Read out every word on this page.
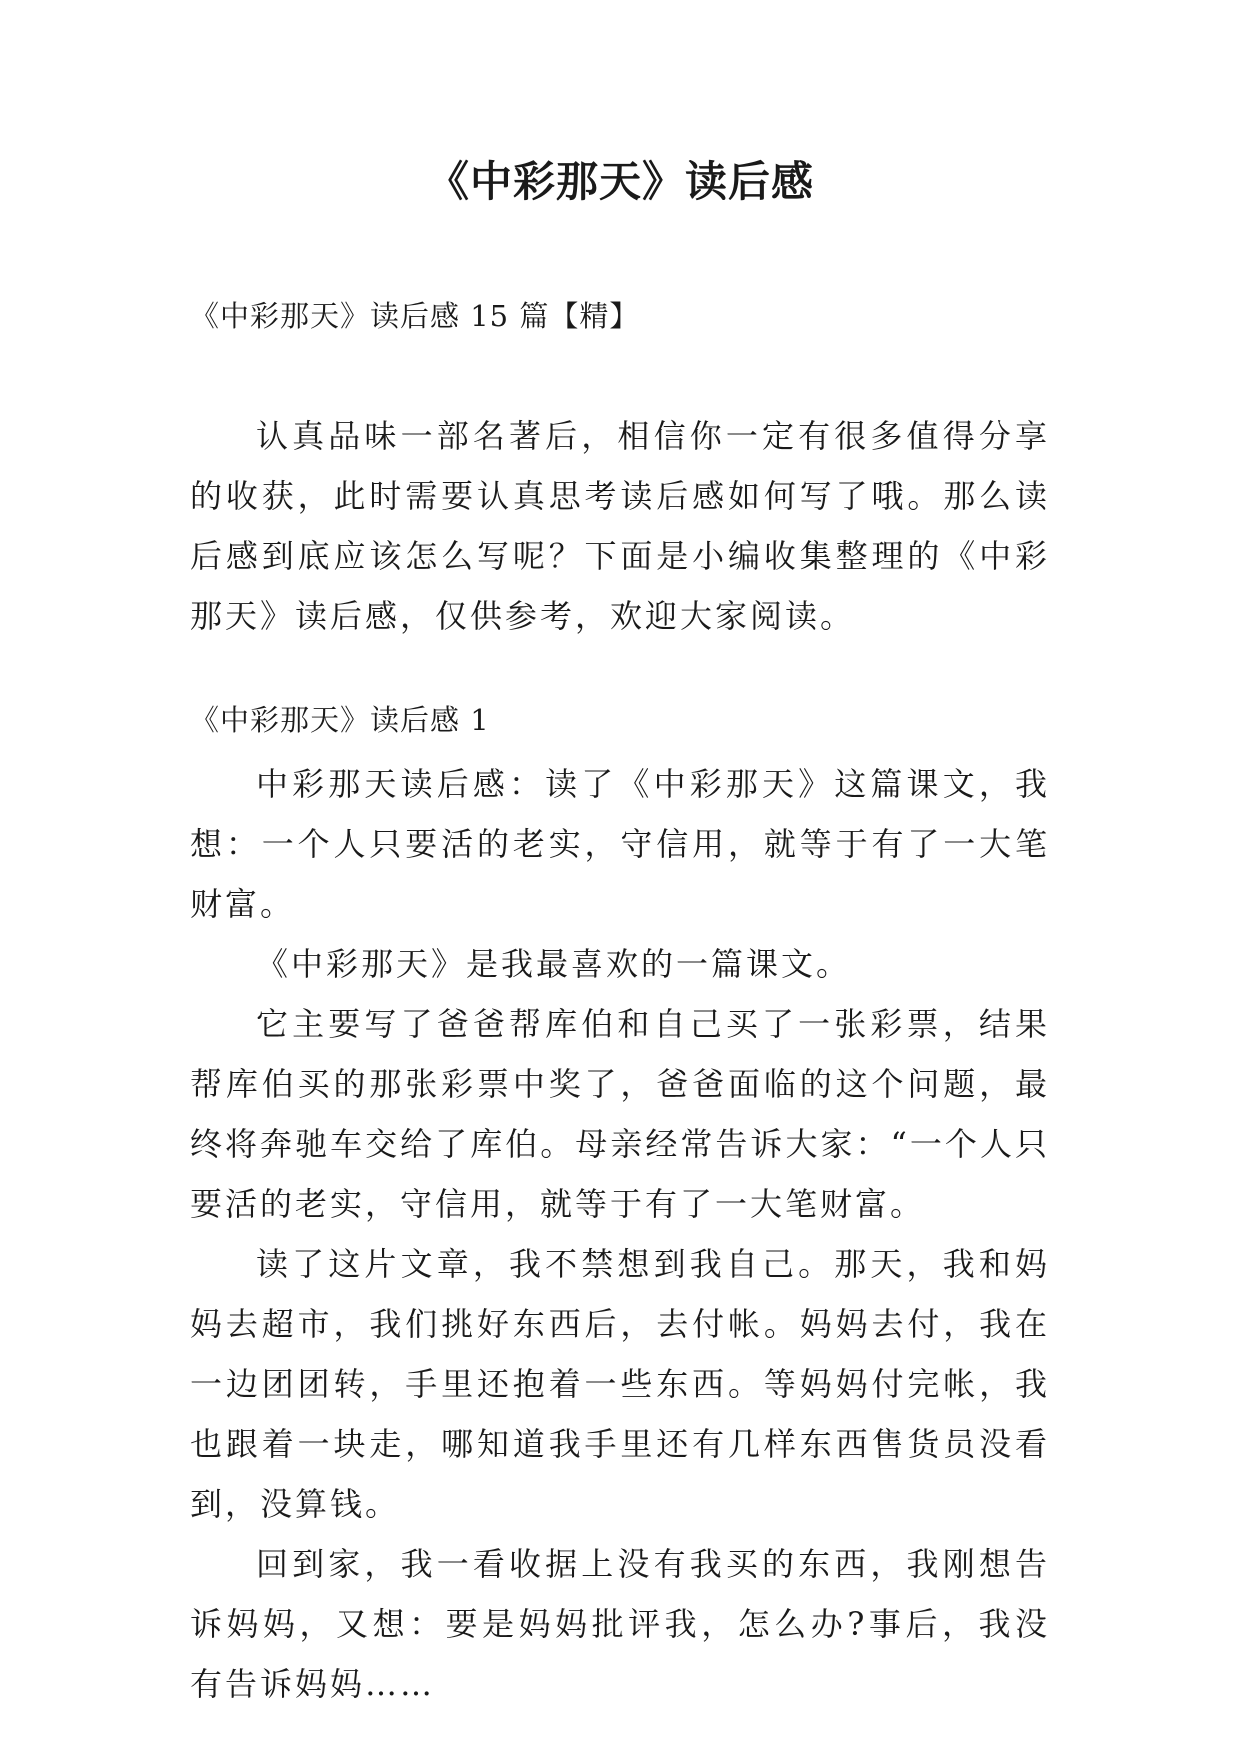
《中彩那天》读后感

《中彩那天》读后感 15 篇【精】

认真品味一部名著后，相信你一定有很多值得分享的收获，此时需要认真思考读后感如何写了哦。那么读后感到底应该怎么写呢？下面是小编收集整理的《中彩那天》读后感，仅供参考，欢迎大家阅读。

《中彩那天》读后感 1

中彩那天读后感：读了《中彩那天》这篇课文，我想：一个人只要活的老实，守信用，就等于有了一大笔财富。

《中彩那天》是我最喜欢的一篇课文。

它主要写了爸爸帮库伯和自己买了一张彩票，结果帮库伯买的那张彩票中奖了，爸爸面临的这个问题，最终将奔驰车交给了库伯。母亲经常告诉大家：“一个人只要活的老实，守信用，就等于有了一大笔财富。

读了这片文章，我不禁想到我自己。那天，我和妈妈去超市，我们挑好东西后，去付帐。妈妈去付，我在一边团团转，手里还抱着一些东西。等妈妈付完帐，我也跟着一块走，哪知道我手里还有几样东西售货员没看到，没算钱。

回到家，我一看收据上没有我买的东西，我刚想告诉妈妈，又想：要是妈妈批评我，怎么办?事后，我没有告诉妈妈……
